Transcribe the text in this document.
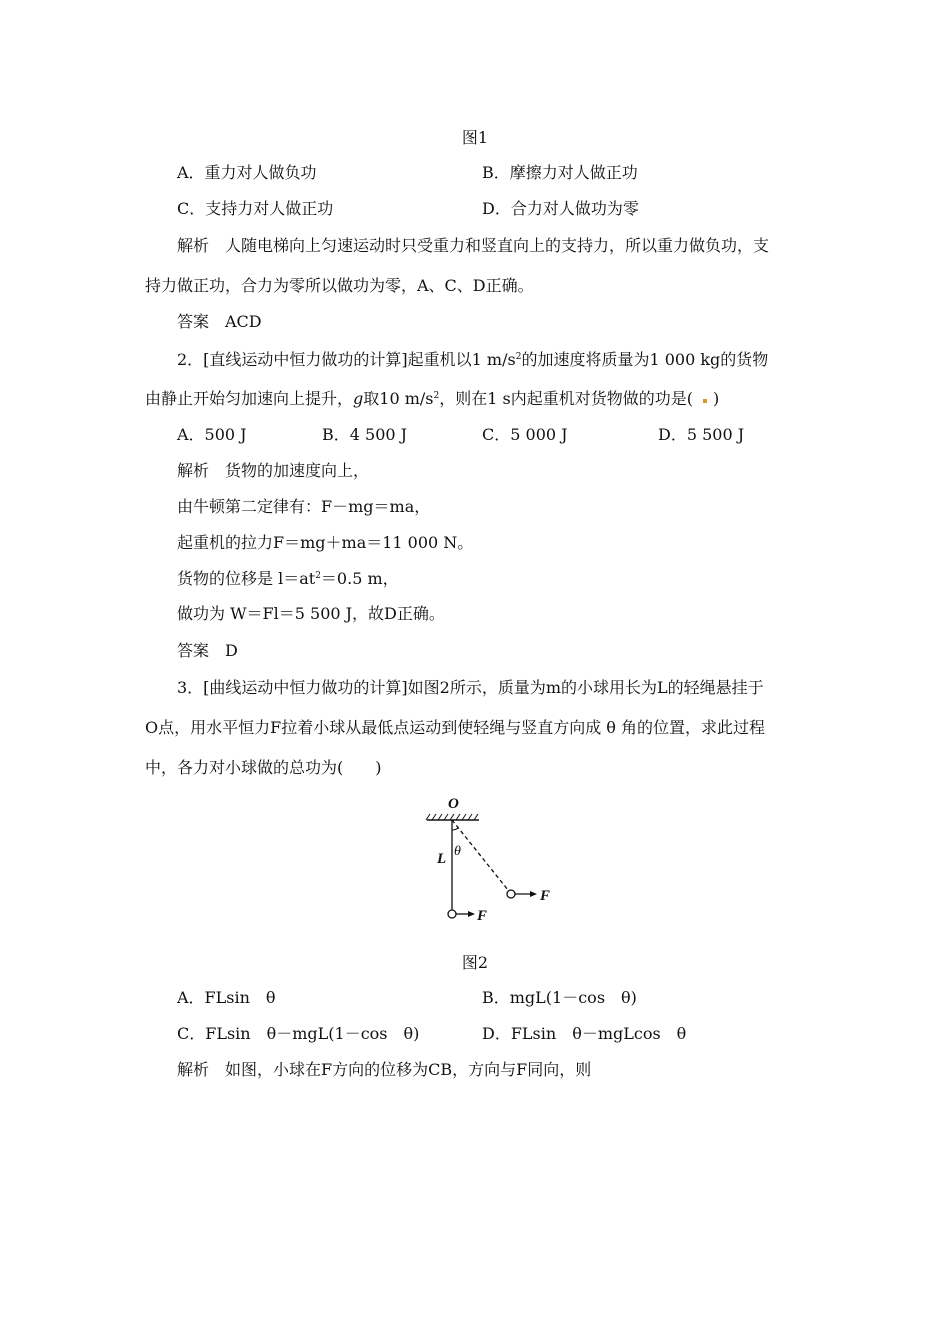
图1
A．重力对人做负功	B．摩擦力对人做正功
C．支持力对人做正功	D．合力对人做功为零
解析　人随电梯向上匀速运动时只受重力和竖直向上的支持力，所以重力做负功，支
持力做正功，合力为零所以做功为零，A、C、D正确。
答案　ACD
2．[直线运动中恒力做功的计算]起重机以1 $m/s^2$的加速度将质量为1 000 kg的货物
由静止开始匀加速向上提升，g取10 $m/s^2$，则在1 s内起重机对货物做的功是( )
A．500 J	B．4 500 J	C．5 000 J	D．5 500 J
解析　货物的加速度向上，
由牛顿第二定律有：F－mg＝ma，
起重机的拉力F＝mg＋ma＝11 000 N。
货物的位移是 $l=at^2=0.5$ m，
做功为 W＝Fl＝5 500 J，故D正确。
答案　D
3．[曲线运动中恒力做功的计算]如图2所示，质量为m的小球用长为L的轻绳悬挂于
O点，用水平恒力F拉着小球从最低点运动到使轻绳与竖直方向成 θ 角的位置，求此过程
中，各力对小球做的总功为(　　)
O
θ
L
F
F
图2
A．FLsin　θ	B．mgL(1－cos　θ)
C．FLsin　θ－mgL(1－cos　θ)	D．FLsin　θ－mgLcos　θ
解析　如图，小球在F方向的位移为CB，方向与F同向，则
